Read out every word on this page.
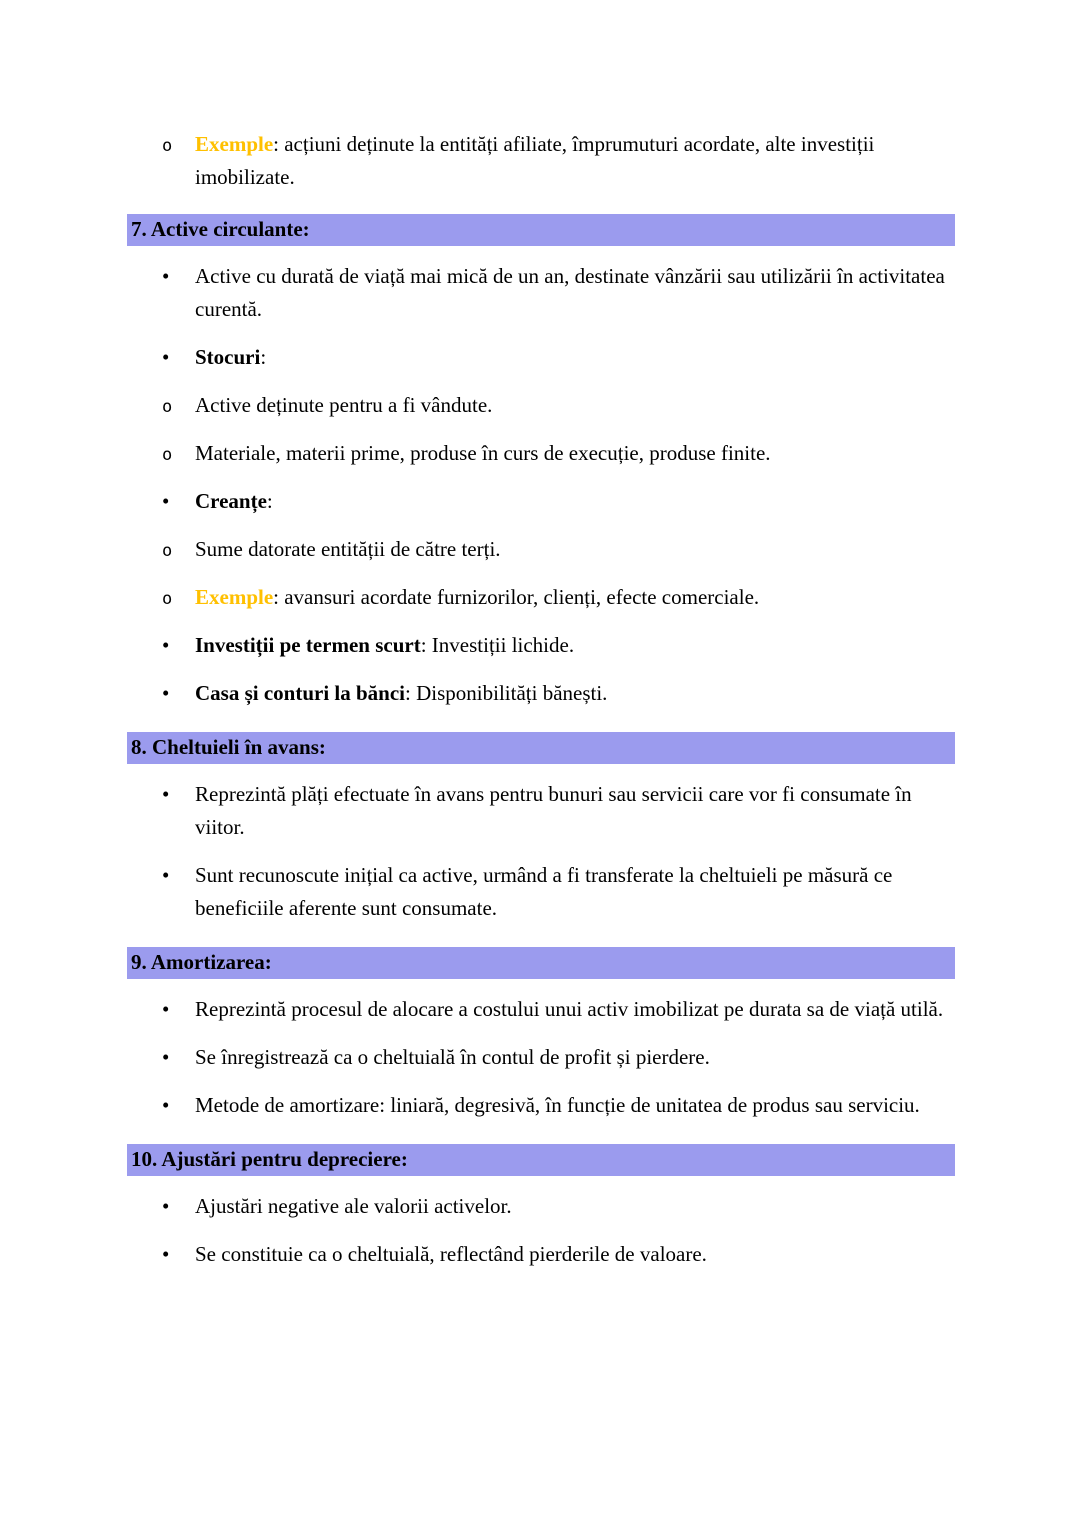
o

Exemple: acțiuni deținute la entități afiliate, împrumuturi acordate, alte investiții imobilizate.

7. Active circulante:
•

Active cu durată de viață mai mică de un an, destinate vânzării sau utilizării în activitatea curentă.

•

Stocuri:

o

Active deținute pentru a fi vândute.

o

Materiale, materii prime, produse în curs de execuție, produse finite.

•

Creanțe:

o

Sume datorate entității de către terți.

o

Exemple: avansuri acordate furnizorilor, clienți, efecte comerciale.

•

Investiții pe termen scurt: Investiții lichide.

•

Casa și conturi la bănci: Disponibilități bănești.

8. Cheltuieli în avans:
•

Reprezintă plăți efectuate în avans pentru bunuri sau servicii care vor fi consumate în viitor.

•

Sunt recunoscute inițial ca active, urmând a fi transferate la cheltuieli pe măsură ce beneficiile aferente sunt consumate.

9. Amortizarea:
•

Reprezintă procesul de alocare a costului unui activ imobilizat pe durata sa de viață utilă.

•

Se înregistrează ca o cheltuială în contul de profit și pierdere.

•

Metode de amortizare: liniară, degresivă, în funcție de unitatea de produs sau serviciu.

10. Ajustări pentru depreciere:
•

Ajustări negative ale valorii activelor.

•

Se constituie ca o cheltuială, reflectând pierderile de valoare.
